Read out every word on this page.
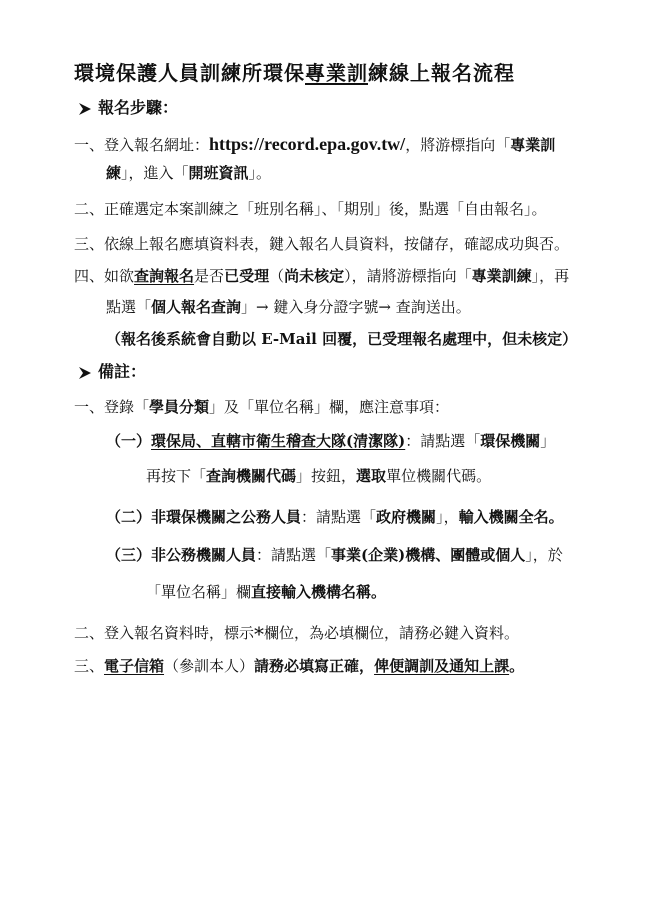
環境保護人員訓練所環保專業訓練線上報名流程
報名步驟：
一、登入報名網址：https://record.epa.gov.tw/，將游標指向「專業訓
練」，進入「開班資訊」。
二、正確選定本案訓練之「班別名稱」、「期別」後，點選「自由報名」。
三、依線上報名應填資料表，鍵入報名人員資料，按儲存，確認成功與否。
四、如欲查詢報名是否已受理（尚未核定），請將游標指向「專業訓練」，再
點選「個人報名查詢」→ 鍵入身分證字號→ 查詢送出。
（報名後系統會自動以 E-Mail 回覆，已受理報名處理中，但未核定）
備註：
一、登錄「學員分類」及「單位名稱」欄，應注意事項：
（一）環保局、直轄市衛生稽查大隊(清潔隊)：請點選「環保機關」
再按下「查詢機關代碼」按鈕，選取單位機關代碼。
（二）非環保機關之公務人員：請點選「政府機關」，輸入機關全名。
（三）非公務機關人員：請點選「事業(企業)機構、團體或個人」，於
「單位名稱」欄直接輸入機構名稱。
二、登入報名資料時，標示*欄位，為必填欄位，請務必鍵入資料。
三、電子信箱（參訓本人）請務必填寫正確，俾便調訓及通知上課。
